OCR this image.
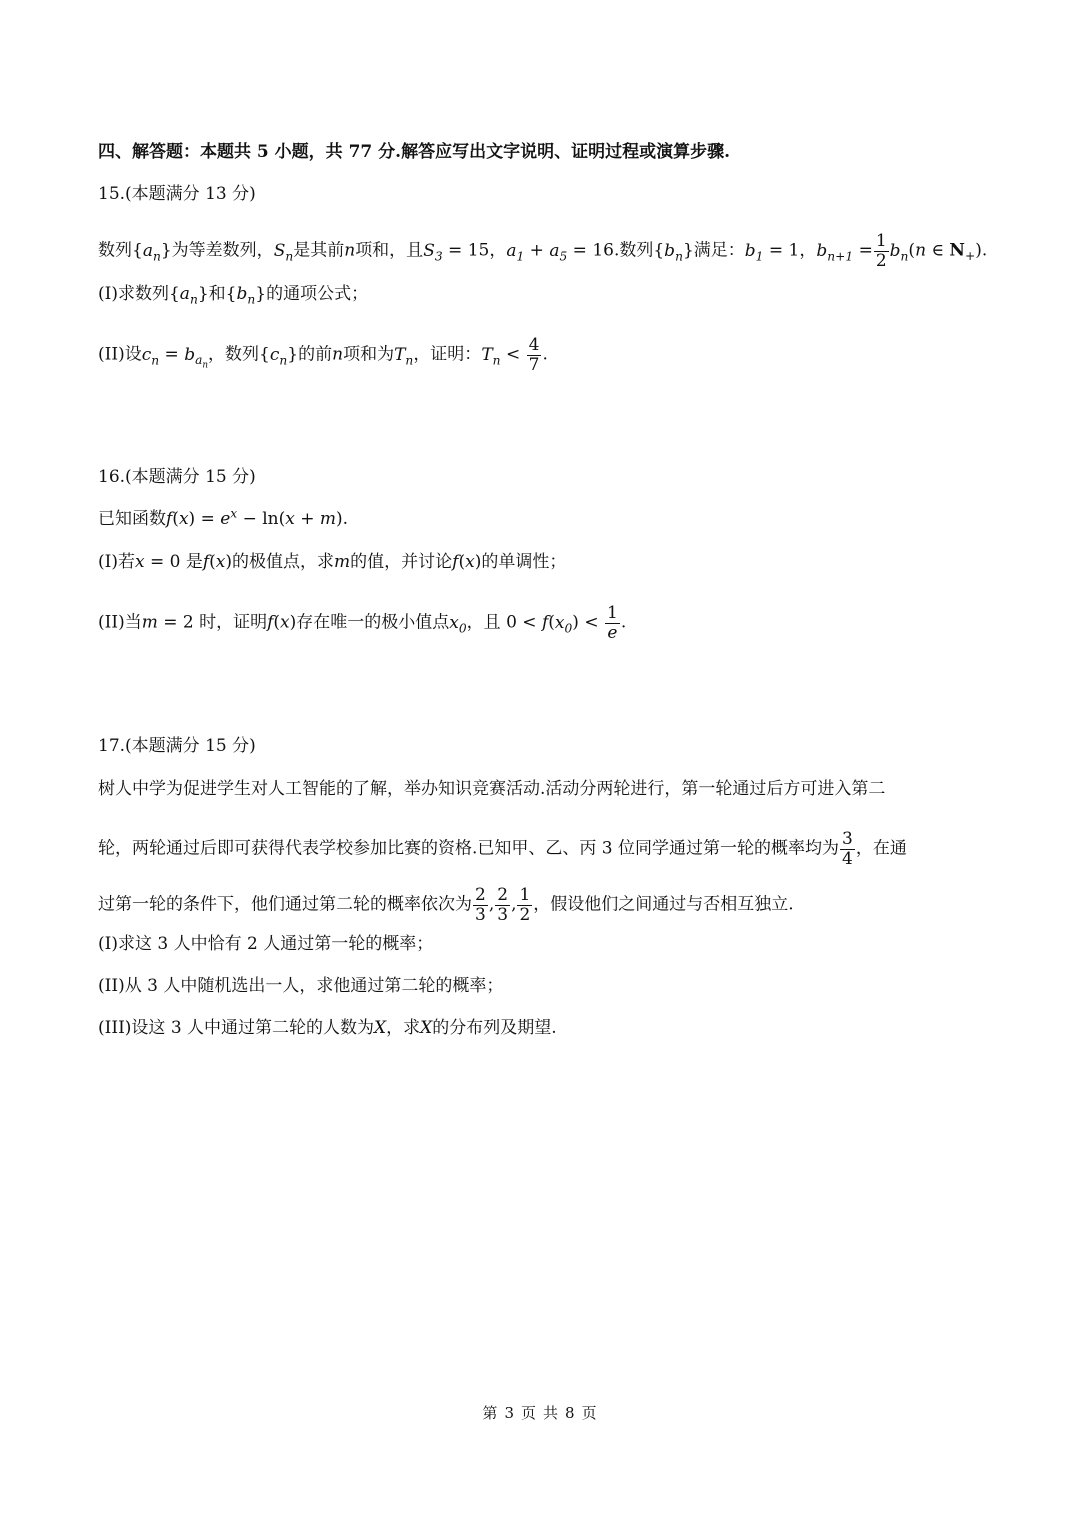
四、解答题：本题共 5 小题，共 77 分.解答应写出文字说明、证明过程或演算步骤.
15.(本题满分 13 分)
数列$\{a_n\}$为等差数列，$S_n$是其前n项和，且$S_3 = 15$，$a_1 + a_5 = 16$.数列$\{b_n\}$满足：$b_1 = 1$，$b_{n+1} = \frac{1}{2} b_n(n$ ∈ $N_+$).
(I)求数列$\{a_n\}$和$\{b_n\}$的通项公式；
(II)设$c_n = b_{a_n}$，数列$\{c_n\}$的前n项和为$T_n$，证明：$T_n < \frac{4}{7}$ .
16.(本题满分 15 分)
已知函数$f(x) = e^x - \ln(x + m)$.
(I)若x = 0 是f(x)的极值点，求m的值，并讨论f(x)的单调性；
(II)当m = 2 时，证明f(x)存在唯一的极小值点$x_0$，且 $0 < f(x_0) < \frac{1}{e}$ .
17.(本题满分 15 分)
树人中学为促进学生对人工智能的了解，举办知识竞赛活动.活动分两轮进行，第一轮通过后方可进入第二
轮，两轮通过后即可获得代表学校参加比赛的资格.已知甲、乙、丙 3 位同学通过第一轮的概率均为 $\frac{3}{4}$ ，在通
过第一轮的条件下，他们通过第二轮的概率依次为 $\frac{2}{3}$ , $\frac{2}{3}$ , $\frac{1}{2}$ ，假设他们之间通过与否相互独立.
(I)求这 3 人中恰有 2 人通过第一轮的概率；
(II)从 3 人中随机选出一人，求他通过第二轮的概率；
(III)设这 3 人中通过第二轮的人数为X，求X的分布列及期望.
第 3 页 共 8 页
